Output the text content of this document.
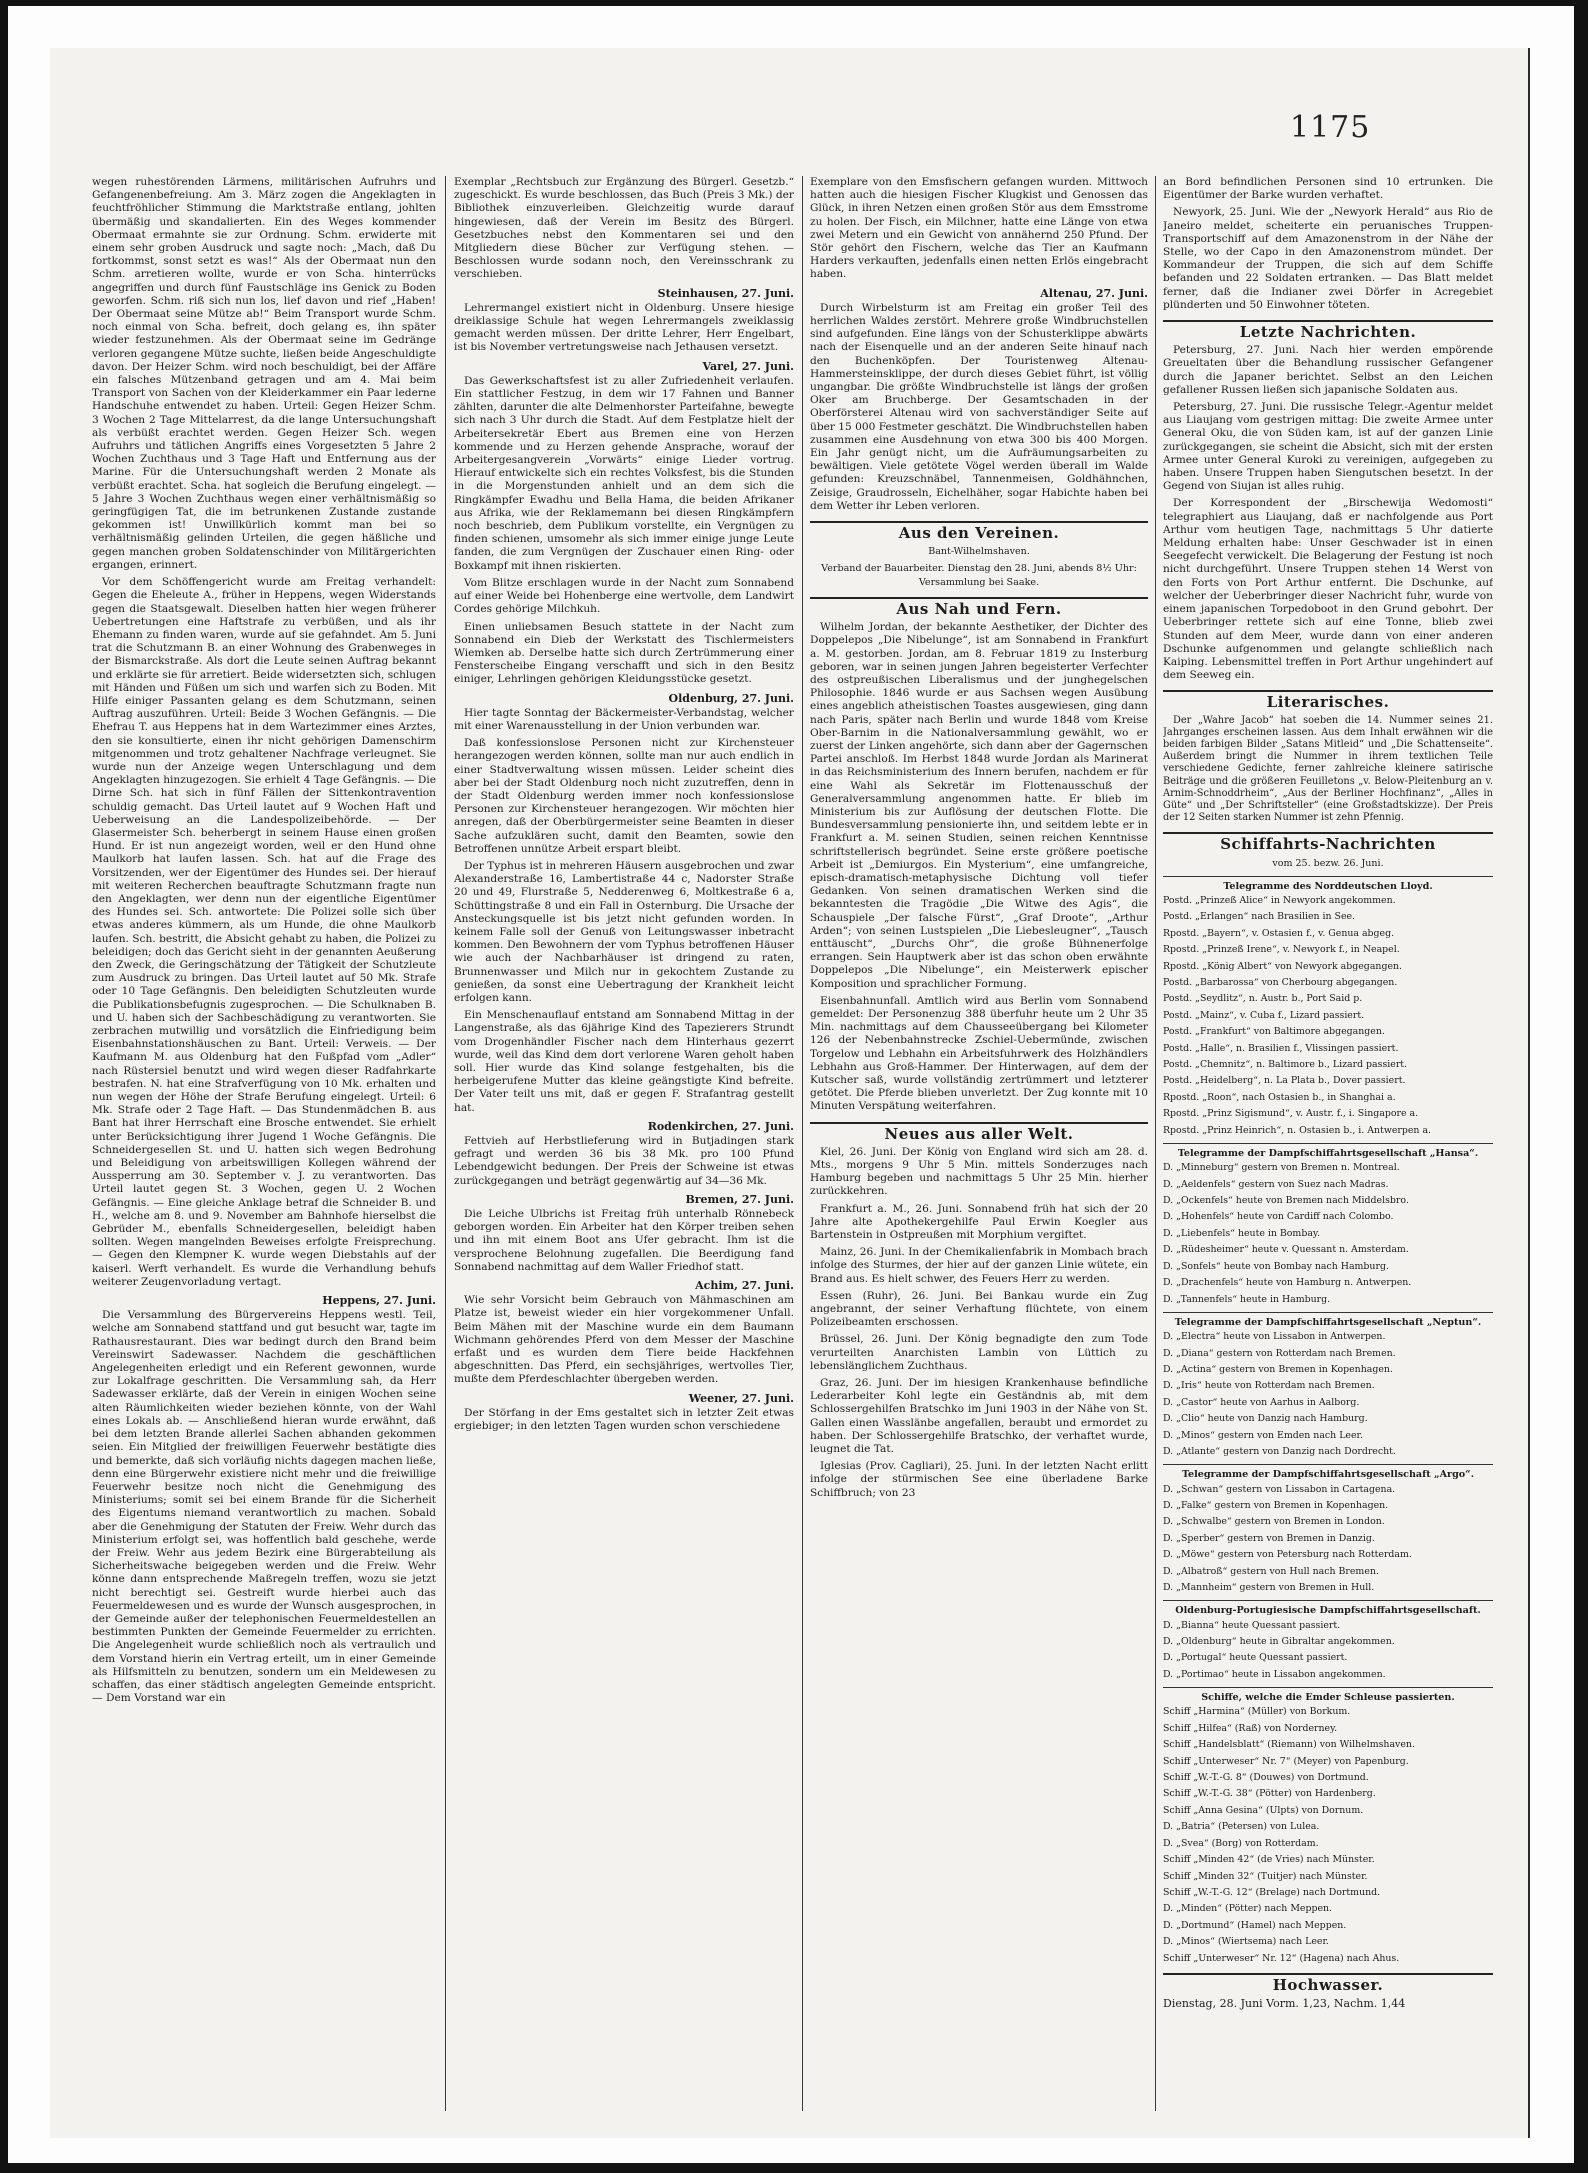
1175

wegen ruhestörenden Lärmens, militärischen Aufruhrs und Gefangenenbefreiung. Am 3. März zogen die Angeklagten in feuchtfröhlicher Stimmung die Marktstraße entlang, johlten übermäßig und skandalierten. Ein des Weges kommender Obermaat ermahnte sie zur Ordnung. Schm. erwiderte mit einem sehr groben Ausdruck und sagte noch: „Mach, daß Du fortkommst, sonst setzt es was!“ Als der Obermaat nun den Schm. arretieren wollte, wurde er von Scha. hinterrücks angegriffen und durch fünf Faustschläge ins Genick zu Boden geworfen. Schm. riß sich nun los, lief davon und rief „Haben! Der Obermaat seine Mütze ab!“ Beim Transport wurde Schm. noch einmal von Scha. befreit, doch gelang es, ihn später wieder festzunehmen. Als der Obermaat seine im Gedränge verloren gegangene Mütze suchte, ließen beide Angeschuldigte davon. Der Heizer Schm. wird noch beschuldigt, bei der Affäre ein falsches Mützenband getragen und am 4. Mai beim Transport von Sachen von der Kleiderkammer ein Paar lederne Handschuhe entwendet zu haben. Urteil: Gegen Heizer Schm. 3 Wochen 2 Tage Mittelarrest, da die lange Untersuchungshaft als verbüßt erachtet werden. Gegen Heizer Sch. wegen Aufruhrs und tätlichen Angriffs eines Vorgesetzten 5 Jahre 2 Wochen Zuchthaus und 3 Tage Haft und Entfernung aus der Marine. Für die Untersuchungshaft werden 2 Monate als verbüßt erachtet. Scha. hat sogleich die Berufung eingelegt. — 5 Jahre 3 Wochen Zuchthaus wegen einer verhältnismäßig so geringfügigen Tat, die im betrunkenen Zustande zustande gekommen ist! Unwillkürlich kommt man bei so verhältnismäßig gelinden Urteilen, die gegen häßliche und gegen manchen groben Soldatenschinder von Militärgerichten ergangen, erinnert.

Vor dem Schöffengericht wurde am Freitag verhandelt: Gegen die Eheleute A., früher in Heppens, wegen Widerstands gegen die Staatsgewalt. Dieselben hatten hier wegen früherer Uebertretungen eine Haftstrafe zu verbüßen, und als ihr Ehemann zu finden waren, wurde auf sie gefahndet. Am 5. Juni trat die Schutzmann B. an einer Wohnung des Grabenweges in der Bismarckstraße. Als dort die Leute seinen Auftrag bekannt und erklärte sie für arretiert. Beide widersetzten sich, schlugen mit Händen und Füßen um sich und warfen sich zu Boden. Mit Hilfe einiger Passanten gelang es dem Schutzmann, seinen Auftrag auszuführen. Urteil: Beide 3 Wochen Gefängnis. — Die Ehefrau T. aus Heppens hat in dem Wartezimmer eines Arztes, den sie konsultierte, einen ihr nicht gehörigen Damenschirm mitgenommen und trotz gehaltener Nachfrage verleugnet. Sie wurde nun der Anzeige wegen Unterschlagung und dem Angeklagten hinzugezogen. Sie erhielt 4 Tage Gefängnis. — Die Dirne Sch. hat sich in fünf Fällen der Sittenkontravention schuldig gemacht. Das Urteil lautet auf 9 Wochen Haft und Ueberweisung an die Landespolizeibehörde. — Der Glasermeister Sch. beherbergt in seinem Hause einen großen Hund. Er ist nun angezeigt worden, weil er den Hund ohne Maulkorb hat laufen lassen. Sch. hat auf die Frage des Vorsitzenden, wer der Eigentümer des Hundes sei. Der hierauf mit weiteren Recherchen beauftragte Schutzmann fragte nun den Angeklagten, wer denn nun der eigentliche Eigentümer des Hundes sei. Sch. antwortete: Die Polizei solle sich über etwas anderes kümmern, als um Hunde, die ohne Maulkorb laufen. Sch. bestritt, die Absicht gehabt zu haben, die Polizei zu beleidigen; doch das Gericht sieht in der genannten Aeußerung den Zweck, die Geringschätzung der Tätigkeit der Schutzleute zum Ausdruck zu bringen. Das Urteil lautet auf 50 Mk. Strafe oder 10 Tage Gefängnis. Den beleidigten Schutzleuten wurde die Publikationsbefugnis zugesprochen. — Die Schulknaben B. und U. haben sich der Sachbeschädigung zu verantworten. Sie zerbrachen mutwillig und vorsätzlich die Einfriedigung beim Eisenbahnstationshäuschen zu Bant. Urteil: Verweis. — Der Kaufmann M. aus Oldenburg hat den Fußpfad vom „Adler“ nach Rüstersiel benutzt und wird wegen dieser Radfahrkarte bestrafen. N. hat eine Strafverfügung von 10 Mk. erhalten und nun wegen der Höhe der Strafe Berufung eingelegt. Urteil: 6 Mk. Strafe oder 2 Tage Haft. — Das Stundenmädchen B. aus Bant hat ihrer Herrschaft eine Brosche entwendet. Sie erhielt unter Berücksichtigung ihrer Jugend 1 Woche Gefängnis. Die Schneidergesellen St. und U. hatten sich wegen Bedrohung und Beleidigung von arbeitswilligen Kollegen während der Aussperrung am 30. September v. J. zu verantworten. Das Urteil lautet gegen St. 3 Wochen, gegen U. 2 Wochen Gefängnis. — Eine gleiche Anklage betraf die Schneider B. und H., welche am 8. und 9. November am Bahnhofe hierselbst die Gebrüder M., ebenfalls Schneidergesellen, beleidigt haben sollten. Wegen mangelnden Beweises erfolgte Freisprechung. — Gegen den Klempner K. wurde wegen Diebstahls auf der kaiserl. Werft verhandelt. Es wurde die Verhandlung behufs weiterer Zeugenvorladung vertagt.

Heppens, 27. Juni.

Die Versammlung des Bürgervereins Heppens westl. Teil, welche am Sonnabend stattfand und gut besucht war, tagte im Rathausrestaurant. Dies war bedingt durch den Brand beim Vereinswirt Sadewasser. Nachdem die geschäftlichen Angelegenheiten erledigt und ein Referent gewonnen, wurde zur Lokalfrage geschritten. Die Versammlung sah, da Herr Sadewasser erklärte, daß der Verein in einigen Wochen seine alten Räumlichkeiten wieder beziehen könnte, von der Wahl eines Lokals ab. — Anschließend hieran wurde erwähnt, daß bei dem letzten Brande allerlei Sachen abhanden gekommen seien. Ein Mitglied der freiwilligen Feuerwehr bestätigte dies und bemerkte, daß sich vorläufig nichts dagegen machen ließe, denn eine Bürgerwehr existiere nicht mehr und die freiwillige Feuerwehr besitze noch nicht die Genehmigung des Ministeriums; somit sei bei einem Brande für die Sicherheit des Eigentums niemand verantwortlich zu machen. Sobald aber die Genehmigung der Statuten der Freiw. Wehr durch das Ministerium erfolgt sei, was hoffentlich bald geschehe, werde der Freiw. Wehr aus jedem Bezirk eine Bürgerabteilung als Sicherheitswache beigegeben werden und die Freiw. Wehr könne dann entsprechende Maßregeln treffen, wozu sie jetzt nicht berechtigt sei. Gestreift wurde hierbei auch das Feuermeldewesen und es wurde der Wunsch ausgesprochen, in der Gemeinde außer der telephonischen Feuermeldestellen an bestimmten Punkten der Gemeinde Feuermelder zu errichten. Die Angelegenheit wurde schließlich noch als vertraulich und dem Vorstand hierin ein Vertrag erteilt, um in einer Gemeinde als Hilfsmitteln zu benutzen, sondern um ein Meldewesen zu schaffen, das einer städtisch angelegten Gemeinde entspricht. — Dem Vorstand war ein

Exemplar „Rechtsbuch zur Ergänzung des Bürgerl. Gesetzb.“ zugeschickt. Es wurde beschlossen, das Buch (Preis 3 Mk.) der Bibliothek einzuverleiben. Gleichzeitig wurde darauf hingewiesen, daß der Verein im Besitz des Bürgerl. Gesetzbuches nebst den Kommentaren sei und den Mitgliedern diese Bücher zur Verfügung stehen. — Beschlossen wurde sodann noch, den Vereinsschrank zu verschieben.

Steinhausen, 27. Juni.

Lehrermangel existiert nicht in Oldenburg. Unsere hiesige dreiklassige Schule hat wegen Lehrermangels zweiklassig gemacht werden müssen. Der dritte Lehrer, Herr Engelbart, ist bis November vertretungsweise nach Jethausen versetzt.

Varel, 27. Juni.

Das Gewerkschaftsfest ist zu aller Zufriedenheit verlaufen. Ein stattlicher Festzug, in dem wir 17 Fahnen und Banner zählten, darunter die alte Delmenhorster Parteifahne, bewegte sich nach 3 Uhr durch die Stadt. Auf dem Festplatze hielt der Arbeitersekretär Ebert aus Bremen eine von Herzen kommende und zu Herzen gehende Ansprache, worauf der Arbeitergesangverein „Vorwärts“ einige Lieder vortrug. Hierauf entwickelte sich ein rechtes Volksfest, bis die Stunden in die Morgenstunden anhielt und an dem sich die Ringkämpfer Ewadhu und Bella Hama, die beiden Afrikaner aus Afrika, wie der Reklamemann bei diesen Ringkämpfern noch beschrieb, dem Publikum vorstellte, ein Vergnügen zu finden schienen, umsomehr als sich immer einige junge Leute fanden, die zum Vergnügen der Zuschauer einen Ring- oder Boxkampf mit ihnen riskierten.

Vom Blitze erschlagen wurde in der Nacht zum Sonnabend auf einer Weide bei Hohenberge eine wertvolle, dem Landwirt Cordes gehörige Milchkuh.

Einen unliebsamen Besuch stattete in der Nacht zum Sonnabend ein Dieb der Werkstatt des Tischlermeisters Wiemken ab. Derselbe hatte sich durch Zertrümmerung einer Fensterscheibe Eingang verschafft und sich in den Besitz einiger, Lehrlingen gehörigen Kleidungsstücke gesetzt.

Oldenburg, 27. Juni.

Hier tagte Sonntag der Bäckermeister-Verbandstag, welcher mit einer Warenausstellung in der Union verbunden war.

Daß konfessionslose Personen nicht zur Kirchensteuer herangezogen werden können, sollte man nur auch endlich in einer Stadtverwaltung wissen müssen. Leider scheint dies aber bei der Stadt Oldenburg noch nicht zuzutreffen, denn in der Stadt Oldenburg werden immer noch konfessionslose Personen zur Kirchensteuer herangezogen. Wir möchten hier anregen, daß der Oberbürgermeister seine Beamten in dieser Sache aufzuklären sucht, damit den Beamten, sowie den Betroffenen unnütze Arbeit erspart bleibt.

Der Typhus ist in mehreren Häusern ausgebrochen und zwar Alexanderstraße 16, Lambertistraße 44 c, Nadorster Straße 20 und 49, Flurstraße 5, Nedderenweg 6, Moltkestraße 6 a, Schüttingstraße 8 und ein Fall in Osternburg. Die Ursache der Ansteckungsquelle ist bis jetzt nicht gefunden worden. In keinem Falle soll der Genuß von Leitungswasser inbetracht kommen. Den Bewohnern der vom Typhus betroffenen Häuser wie auch der Nachbarhäuser ist dringend zu raten, Brunnenwasser und Milch nur in gekochtem Zustande zu genießen, da sonst eine Uebertragung der Krankheit leicht erfolgen kann.

Ein Menschenauflauf entstand am Sonnabend Mittag in der Langenstraße, als das 6jährige Kind des Tapezierers Strundt vom Drogenhändler Fischer nach dem Hinterhaus gezerrt wurde, weil das Kind dem dort verlorene Waren geholt haben soll. Hier wurde das Kind solange festgehalten, bis die herbeigerufene Mutter das kleine geängstigte Kind befreite. Der Vater teilt uns mit, daß er gegen F. Strafantrag gestellt hat.

Rodenkirchen, 27. Juni.

Fettvieh auf Herbstlieferung wird in Butjadingen stark gefragt und werden 36 bis 38 Mk. pro 100 Pfund Lebendgewicht bedungen. Der Preis der Schweine ist etwas zurückgegangen und beträgt gegenwärtig auf 34—36 Mk.

Bremen, 27. Juni.

Die Leiche Ulbrichs ist Freitag früh unterhalb Rönnebeck geborgen worden. Ein Arbeiter hat den Körper treiben sehen und ihn mit einem Boot ans Ufer gebracht. Ihm ist die versprochene Belohnung zugefallen. Die Beerdigung fand Sonnabend nachmittag auf dem Waller Friedhof statt.

Achim, 27. Juni.

Wie sehr Vorsicht beim Gebrauch von Mähmaschinen am Platze ist, beweist wieder ein hier vorgekommener Unfall. Beim Mähen mit der Maschine wurde ein dem Baumann Wichmann gehörendes Pferd von dem Messer der Maschine erfaßt und es wurden dem Tiere beide Hackfehnen abgeschnitten. Das Pferd, ein sechsjähriges, wertvolles Tier, mußte dem Pferdeschlachter übergeben werden.

Weener, 27. Juni.

Der Störfang in der Ems gestaltet sich in letzter Zeit etwas ergiebiger; in den letzten Tagen wurden schon verschiedene

Exemplare von den Emsfischern gefangen wurden. Mittwoch hatten auch die hiesigen Fischer Klugkist und Genossen das Glück, in ihren Netzen einen großen Stör aus dem Emsstrome zu holen. Der Fisch, ein Milchner, hatte eine Länge von etwa zwei Metern und ein Gewicht von annähernd 250 Pfund. Der Stör gehört den Fischern, welche das Tier an Kaufmann Harders verkauften, jedenfalls einen netten Erlös eingebracht haben.

Altenau, 27. Juni.

Durch Wirbelsturm ist am Freitag ein großer Teil des herrlichen Waldes zerstört. Mehrere große Windbruchstellen sind aufgefunden. Eine längs von der Schusterklippe abwärts nach der Eisenquelle und an der anderen Seite hinauf nach den Buchenköpfen. Der Touristenweg Altenau-Hammersteinsklippe, der durch dieses Gebiet führt, ist völlig ungangbar. Die größte Windbruchstelle ist längs der großen Oker am Bruchberge. Der Gesamtschaden in der Oberförsterei Altenau wird von sachverständiger Seite auf über 15 000 Festmeter geschätzt. Die Windbruchstellen haben zusammen eine Ausdehnung von etwa 300 bis 400 Morgen. Ein Jahr genügt nicht, um die Aufräumungsarbeiten zu bewältigen. Viele getötete Vögel werden überall im Walde gefunden: Kreuzschnäbel, Tannenmeisen, Goldhähnchen, Zeisige, Graudrosseln, Eichelhäher, sogar Habichte haben bei dem Wetter ihr Leben verloren.

Aus den Vereinen.
Bant-Wilhelmshaven.

Verband der Bauarbeiter. Dienstag den 28. Juni, abends 8½ Uhr: Versammlung bei Saake.

Aus Nah und Fern.

Wilhelm Jordan, der bekannte Aesthetiker, der Dichter des Doppelepos „Die Nibelunge“, ist am Sonnabend in Frankfurt a. M. gestorben. Jordan, am 8. Februar 1819 zu Insterburg geboren, war in seinen jungen Jahren begeisterter Verfechter des ostpreußischen Liberalismus und der junghegelschen Philosophie. 1846 wurde er aus Sachsen wegen Ausübung eines angeblich atheistischen Toastes ausgewiesen, ging dann nach Paris, später nach Berlin und wurde 1848 vom Kreise Ober-Barnim in die Nationalversammlung gewählt, wo er zuerst der Linken angehörte, sich dann aber der Gagernschen Partei anschloß. Im Herbst 1848 wurde Jordan als Marinerat in das Reichsministerium des Innern berufen, nachdem er für eine Wahl als Sekretär im Flottenausschuß der Generalversammlung angenommen hatte. Er blieb im Ministerium bis zur Auflösung der deutschen Flotte. Die Bundesversammlung pensionierte ihn, und seitdem lebte er in Frankfurt a. M. seinen Studien, seinen reichen Kenntnisse schriftstellerisch begründet. Seine erste größere poetische Arbeit ist „Demiurgos. Ein Mysterium“, eine umfangreiche, episch-dramatisch-metaphysische Dichtung voll tiefer Gedanken. Von seinen dramatischen Werken sind die bekanntesten die Tragödie „Die Witwe des Agis“, die Schauspiele „Der falsche Fürst“, „Graf Droote“, „Arthur Arden“; von seinen Lustspielen „Die Liebesleugner“, „Tausch enttäuscht“, „Durchs Ohr“, die große Bühnenerfolge errangen. Sein Hauptwerk aber ist das schon oben erwähnte Doppelepos „Die Nibelunge“, ein Meisterwerk epischer Komposition und sprachlicher Formung.

Eisenbahnunfall. Amtlich wird aus Berlin vom Sonnabend gemeldet: Der Personenzug 388 überfuhr heute um 2 Uhr 35 Min. nachmittags auf dem Chausseeübergang bei Kilometer 126 der Nebenbahnstrecke Zschiel-Uebermünde, zwischen Torgelow und Lebhahn ein Arbeitsfuhrwerk des Holzhändlers Lebhahn aus Groß-Hammer. Der Hinterwagen, auf dem der Kutscher saß, wurde vollständig zertrümmert und letzterer getötet. Die Pferde blieben unverletzt. Der Zug konnte mit 10 Minuten Verspätung weiterfahren.

Neues aus aller Welt.

Kiel, 26. Juni. Der König von England wird sich am 28. d. Mts., morgens 9 Uhr 5 Min. mittels Sonderzuges nach Hamburg begeben und nachmittags 5 Uhr 25 Min. hierher zurückkehren.

Frankfurt a. M., 26. Juni. Sonnabend früh hat sich der 20 Jahre alte Apothekergehilfe Paul Erwin Koegler aus Bartenstein in Ostpreußen mit Morphium vergiftet.

Mainz, 26. Juni. In der Chemikalienfabrik in Mombach brach infolge des Sturmes, der hier auf der ganzen Linie wütete, ein Brand aus. Es hielt schwer, des Feuers Herr zu werden.

Essen (Ruhr), 26. Juni. Bei Bankau wurde ein Zug angebrannt, der seiner Verhaftung flüchtete, von einem Polizeibeamten erschossen.

Brüssel, 26. Juni. Der König begnadigte den zum Tode verurteilten Anarchisten Lambin von Lüttich zu lebenslänglichem Zuchthaus.

Graz, 26. Juni. Der im hiesigen Krankenhause befindliche Lederarbeiter Kohl legte ein Geständnis ab, mit dem Schlossergehilfen Bratschko im Juni 1903 in der Nähe von St. Gallen einen Wasslänbe angefallen, beraubt und ermordet zu haben. Der Schlossergehilfe Bratschko, der verhaftet wurde, leugnet die Tat.

Iglesias (Prov. Cagliari), 25. Juni. In der letzten Nacht erlitt infolge der stürmischen See eine überladene Barke Schiffbruch; von 23

an Bord befindlichen Personen sind 10 ertrunken. Die Eigentümer der Barke wurden verhaftet.

Newyork, 25. Juni. Wie der „Newyork Herald“ aus Rio de Janeiro meldet, scheiterte ein peruanisches Truppen-Transportschiff auf dem Amazonenstrom in der Nähe der Stelle, wo der Capo in den Amazonenstrom mündet. Der Kommandeur der Truppen, die sich auf dem Schiffe befanden und 22 Soldaten ertranken. — Das Blatt meldet ferner, daß die Indianer zwei Dörfer in Acregebiet plünderten und 50 Einwohner töteten.

Letzte Nachrichten.

Petersburg, 27. Juni. Nach hier werden empörende Greueltaten über die Behandlung russischer Gefangener durch die Japaner berichtet. Selbst an den Leichen gefallener Russen ließen sich japanische Soldaten aus.

Petersburg, 27. Juni. Die russische Telegr.-Agentur meldet aus Liaujang vom gestrigen mittag: Die zweite Armee unter General Oku, die von Süden kam, ist auf der ganzen Linie zurückgegangen, sie scheint die Absicht, sich mit der ersten Armee unter General Kuroki zu vereinigen, aufgegeben zu haben. Unsere Truppen haben Siengutschen besetzt. In der Gegend von Siujan ist alles ruhig.

Der Korrespondent der „Birschewija Wedomosti“ telegraphiert aus Liaujang, daß er nachfolgende aus Port Arthur vom heutigen Tage, nachmittags 5 Uhr datierte Meldung erhalten habe: Unser Geschwader ist in einen Seegefecht verwickelt. Die Belagerung der Festung ist noch nicht durchgeführt. Unsere Truppen stehen 14 Werst von den Forts von Port Arthur entfernt. Die Dschunke, auf welcher der Ueberbringer dieser Nachricht fuhr, wurde von einem japanischen Torpedoboot in den Grund gebohrt. Der Ueberbringer rettete sich auf eine Tonne, blieb zwei Stunden auf dem Meer, wurde dann von einer anderen Dschunke aufgenommen und gelangte schließlich nach Kaiping. Lebensmittel treffen in Port Arthur ungehindert auf dem Seeweg ein.

Literarisches.

Der „Wahre Jacob“ hat soeben die 14. Nummer seines 21. Jahrganges erscheinen lassen. Aus dem Inhalt erwähnen wir die beiden farbigen Bilder „Satans Mitleid“ und „Die Schattenseite“. Außerdem bringt die Nummer in ihrem textlichen Teile verschiedene Gedichte, ferner zahlreiche kleinere satirische Beiträge und die größeren Feuilletons „v. Below-Pleitenburg an v. Arnim-Schnoddrheim“, „Aus der Berliner Hochfinanz“, „Alles in Güte“ und „Der Schriftsteller“ (eine Großstadtskizze). Der Preis der 12 Seiten starken Nummer ist zehn Pfennig.

Schiffahrts-Nachrichten
vom 25. bezw. 26. Juni.
Telegramme des Norddeutschen Lloyd.

Postd. „Prinzeß Alice“ in Newyork angekommen.

Postd. „Erlangen“ nach Brasilien in See.

Rpostd. „Bayern“, v. Ostasien f., v. Genua abgeg.

Rpostd. „Prinzeß Irene“, v. Newyork f., in Neapel.

Rpostd. „König Albert“ von Newyork abgegangen.

Postd. „Barbarossa“ von Cherbourg abgegangen.

Postd. „Seydlitz“, n. Austr. b., Port Said p.

Postd. „Mainz“, v. Cuba f., Lizard passiert.

Postd. „Frankfurt“ von Baltimore abgegangen.

Postd. „Halle“, n. Brasilien f., Vlissingen passiert.

Postd. „Chemnitz“, n. Baltimore b., Lizard passiert.

Postd. „Heidelberg“, n. La Plata b., Dover passiert.

Rpostd. „Roon“, nach Ostasien b., in Shanghai a.

Rpostd. „Prinz Sigismund“, v. Austr. f., i. Singapore a.

Rpostd. „Prinz Heinrich“, n. Ostasien b., i. Antwerpen a.

Telegramme der Dampfschiffahrtsgesellschaft „Hansa“.

D. „Minneburg“ gestern von Bremen n. Montreal.

D. „Aeldenfels“ gestern von Suez nach Madras.

D. „Ockenfels“ heute von Bremen nach Middelsbro.

D. „Hohenfels“ heute von Cardiff nach Colombo.

D. „Liebenfels“ heute in Bombay.

D. „Rüdesheimer“ heute v. Quessant n. Amsterdam.

D. „Sonfels“ heute von Bombay nach Hamburg.

D. „Drachenfels“ heute von Hamburg n. Antwerpen.

D. „Tannenfels“ heute in Hamburg.

Telegramme der Dampfschiffahrtsgesellschaft „Neptun“.

D. „Electra“ heute von Lissabon in Antwerpen.

D. „Diana“ gestern von Rotterdam nach Bremen.

D. „Actina“ gestern von Bremen in Kopenhagen.

D. „Iris“ heute von Rotterdam nach Bremen.

D. „Castor“ heute von Aarhus in Aalborg.

D. „Clio“ heute von Danzig nach Hamburg.

D. „Minos“ gestern von Emden nach Leer.

D. „Atlante“ gestern von Danzig nach Dordrecht.

Telegramme der Dampfschiffahrtsgesellschaft „Argo“.

D. „Schwan“ gestern von Lissabon in Cartagena.

D. „Falke“ gestern von Bremen in Kopenhagen.

D. „Schwalbe“ gestern von Bremen in London.

D. „Sperber“ gestern von Bremen in Danzig.

D. „Möwe“ gestern von Petersburg nach Rotterdam.

D. „Albatroß“ gestern von Hull nach Bremen.

D. „Mannheim“ gestern von Bremen in Hull.

Oldenburg-Portugiesische Dampfschiffahrtsgesellschaft.

D. „Bianna“ heute Quessant passiert.

D. „Oldenburg“ heute in Gibraltar angekommen.

D. „Portugal“ heute Quessant passiert.

D. „Portimao“ heute in Lissabon angekommen.

Schiffe, welche die Emder Schleuse passierten.

Schiff „Harmina“ (Müller) von Borkum.

Schiff „Hilfea“ (Raß) von Norderney.

Schiff „Handelsblatt“ (Riemann) von Wilhelmshaven.

Schiff „Unterweser“ Nr. 7“ (Meyer) von Papenburg.

Schiff „W.-T.-G. 8“ (Douwes) von Dortmund.

Schiff „W.-T.-G. 38“ (Pötter) von Hardenberg.

Schiff „Anna Gesina“ (Ulpts) von Dornum.

D. „Batria“ (Petersen) von Lulea.

D. „Svea“ (Borg) von Rotterdam.

Schiff „Minden 42“ (de Vries) nach Münster.

Schiff „Minden 32“ (Tuitjer) nach Münster.

Schiff „W.-T.-G. 12“ (Brelage) nach Dortmund.

D. „Minden“ (Pötter) nach Meppen.

D. „Dortmund“ (Hamel) nach Meppen.

D. „Minos“ (Wiertsema) nach Leer.

Schiff „Unterweser“ Nr. 12“ (Hagena) nach Ahus.

Hochwasser.
Dienstag, 28. Juni Vorm. 1,23, Nachm. 1,44
